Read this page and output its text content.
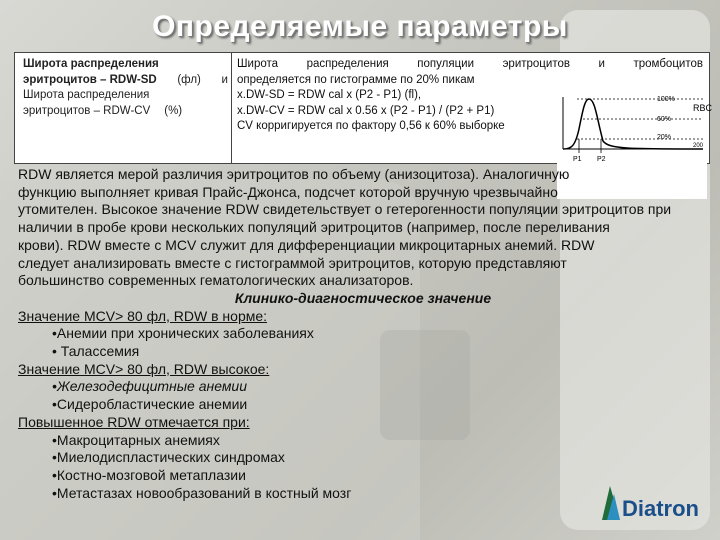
Определяемые параметры
Широта распределения
эритроцитов – RDW-SD (фл) и
Широта распределения
эритроцитов – RDW-CV (%)
Широта распределения популяции эритроцитов и тромбоцитов
определяется по гистограмме по 20% пикам
x.DW-SD = RDW cal x (P2 - P1) (fl),
x.DW-CV = RDW cal x 0.56 x (P2 - P1) / (P2 + P1)
CV корригируется по фактору 0,56 к 60% выборке
100%
60%
20%
RBC
200
P1 P2

RDW является мерой различия эритроцитов по объему (анизоцитоза). Аналогичную

функцию выполняет кривая Прайс-Джонса, подсчет которой вручную чрезвычайно

утомителен. Высокое значение RDW свидетельствует о гетерогенности популяции эритроцитов при

наличии в пробе крови нескольких популяций эритроцитов (например, после переливания

крови). RDW вместе с MCV служит для дифференциации микроцитарных анемий. RDW

следует анализировать вместе с гистограммой эритроцитов, которую представляют

большинство современных гематологических анализаторов.

Клинико-диагностическое значение

Значение MCV> 80 фл, RDW в норме:

•Анемии при хронических заболеваниях

• Талассемия

Значение MCV> 80 фл, RDW высокое:

•Железодефицитные анемии

•Сидеробластические анемии

Повышенное RDW отмечается при:

•Макроцитарных анемиях

•Миелодиспластических синдромах

•Костно-мозговой метаплазии

•Метастазах новообразований в костный мозг

Diatron
